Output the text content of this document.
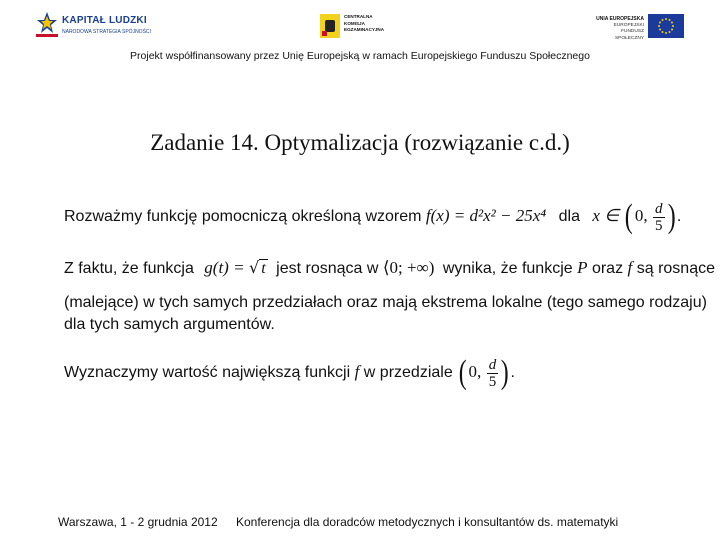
KAPITAŁ LUDZKI
NARODOWA STRATEGIA SPÓJNOŚCI
CENTRALNA
KOMISJA
EGZAMINACYJNA
UNIA EUROPEJSKA
EUROPEJSKI
FUNDUSZ SPOŁECZNY
Projekt współfinansowany przez Unię Europejską w ramach Europejskiego Funduszu Społecznego
Zadanie 14. Optymalizacja (rozwiązanie c.d.)
Rozważmy funkcję pomocniczą określoną wzorem f(x) = d²x² − 25x⁴ dla x ∈ (0, $\frac{d}{5}$ ) .
Z faktu, że funkcja g(t) = √ t jest rosnąca w ⟨0; +∞) wynika, że funkcje P oraz f są rosnące
(malejące) w tych samych przedziałach oraz mają ekstrema lokalne (tego samego rodzaju)
dla tych samych argumentów.
Wyznaczymy wartość największą funkcji f w przedziale (0, $\frac{d}{5}$ ) .
Warszawa, 1 - 2 grudnia 2012 Konferencja dla doradców metodycznych i konsultantów ds. matematyki
